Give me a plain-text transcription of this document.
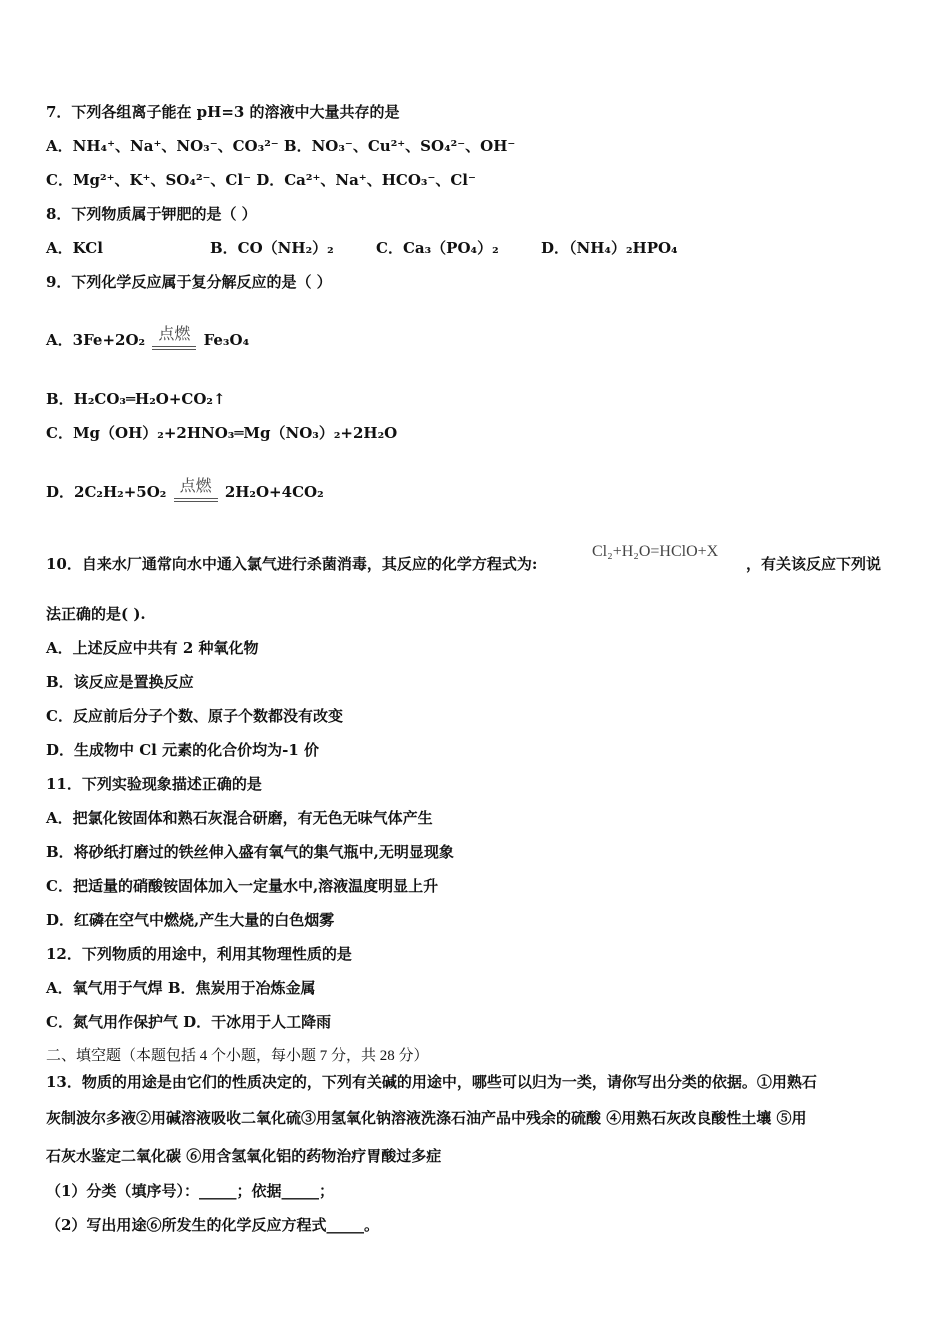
7．下列各组离子能在 pH=3 的溶液中大量共存的是
A．NH₄⁺、Na⁺、NO₃⁻、CO₃²⁻ B．NO₃⁻、Cu²⁺、SO₄²⁻、OH⁻
C．Mg²⁺、K⁺、SO₄²⁻、Cl⁻ D．Ca²⁺、Na⁺、HCO₃⁻、Cl⁻
8．下列物质属于钾肥的是（ ）
A．KCl	B．CO（NH₂）₂	C．Ca₃（PO₄）₂	D．（NH₄）₂HPO₄
9．下列化学反应属于复分解反应的是（ ）
A．3Fe+2O₂ 点燃 Fe₃O₄
B．H₂CO₃═H₂O+CO₂↑
C．Mg（OH）₂+2HNO₃═Mg（NO₃）₂+2H₂O
D．2C₂H₂+5O₂ 点燃 2H₂O+4CO₂
10．自来水厂通常向水中通入氯气进行杀菌消毒，其反应的化学方程式为:
Cl₂+H₂O=HClO+X
，有关该反应下列说
法正确的是( ).
A．上述反应中共有 2 种氧化物
B．该反应是置换反应
C．反应前后分子个数、原子个数都没有改变
D．生成物中 Cl 元素的化合价均为-1 价
11．下列实验现象描述正确的是
A．把氯化铵固体和熟石灰混合研磨，有无色无味气体产生
B．将砂纸打磨过的铁丝伸入盛有氧气的集气瓶中,无明显现象
C．把适量的硝酸铵固体加入一定量水中,溶液温度明显上升
D．红磷在空气中燃烧,产生大量的白色烟雾
12．下列物质的用途中，利用其物理性质的是
A．氧气用于气焊 B．焦炭用于冶炼金属
C．氮气用作保护气 D．干冰用于人工降雨
二、填空题（本题包括 4 个小题，每小题 7 分，共 28 分）
13．物质的用途是由它们的性质决定的，下列有关碱的用途中，哪些可以归为一类，请你写出分类的依据。①用熟石
灰制波尔多液②用碱溶液吸收二氧化硫③用氢氧化钠溶液洗涤石油产品中残余的硫酸 ④用熟石灰改良酸性土壤 ⑤用
石灰水鉴定二氧化碳 ⑥用含氢氧化铝的药物治疗胃酸过多症
（1）分类（填序号）：_____；依据_____；
（2）写出用途⑥所发生的化学反应方程式_____。
